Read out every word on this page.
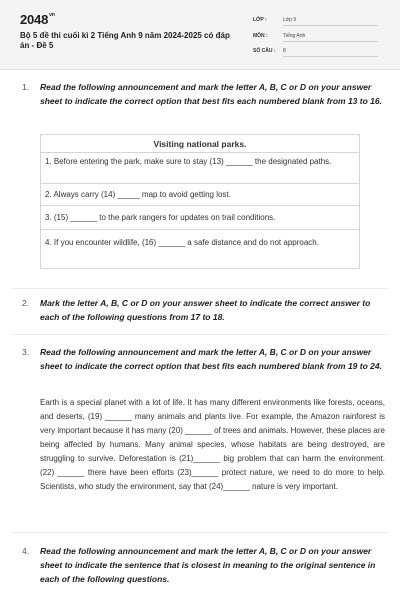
$2048^{vn}$
Bộ 5 đề thi cuối kì 2 Tiếng Anh 9 năm 2024-2025 có đáp án - Đề 5
LỚP :	Lớp 9
MÔN :	Tiếng Anh
SỐ CÂU : 8
1. Read the following announcement and mark the letter A, B, C or D on your answer sheet to indicate the correct option that best fits each numbered blank from 13 to 16.
Visiting national parks.
1. Before entering the park, make sure to stay (13) ______ the designated paths.
2. Always carry (14) _____ map to avoid getting lost.
3. (15) ______ to the park rangers for updates on trail conditions.
4. If you encounter wildlife, (16) ______ a safe distance and do not approach.
2. Mark the letter A, B, C or D on your answer sheet to indicate the correct answer to each of the following questions from 17 to 18.
3. Read the following announcement and mark the letter A, B, C or D on your answer sheet to indicate the correct option that best fits each numbered blank from 19 to 24.
Earth is a special planet with a lot of life. It has many different environments like forests, oceans, and deserts, (19) ______ many animals and plants live. For example, the Amazon rainforest is very important because it has many (20) ______ of trees and animals. However, these places are being affected by humans. Many animal species, whose habitats are being destroyed, are struggling to survive. Deforestation is (21)______ big problem that can harm the environment. (22) ______ there have been efforts (23)______ protect nature, we need to do more to help. Scientists, who study the environment, say that (24)______ nature is very important.
4. Read the following announcement and mark the letter A, B, C or D on your answer sheet to indicate the sentence that is closest in meaning to the original sentence in each of the following questions.
